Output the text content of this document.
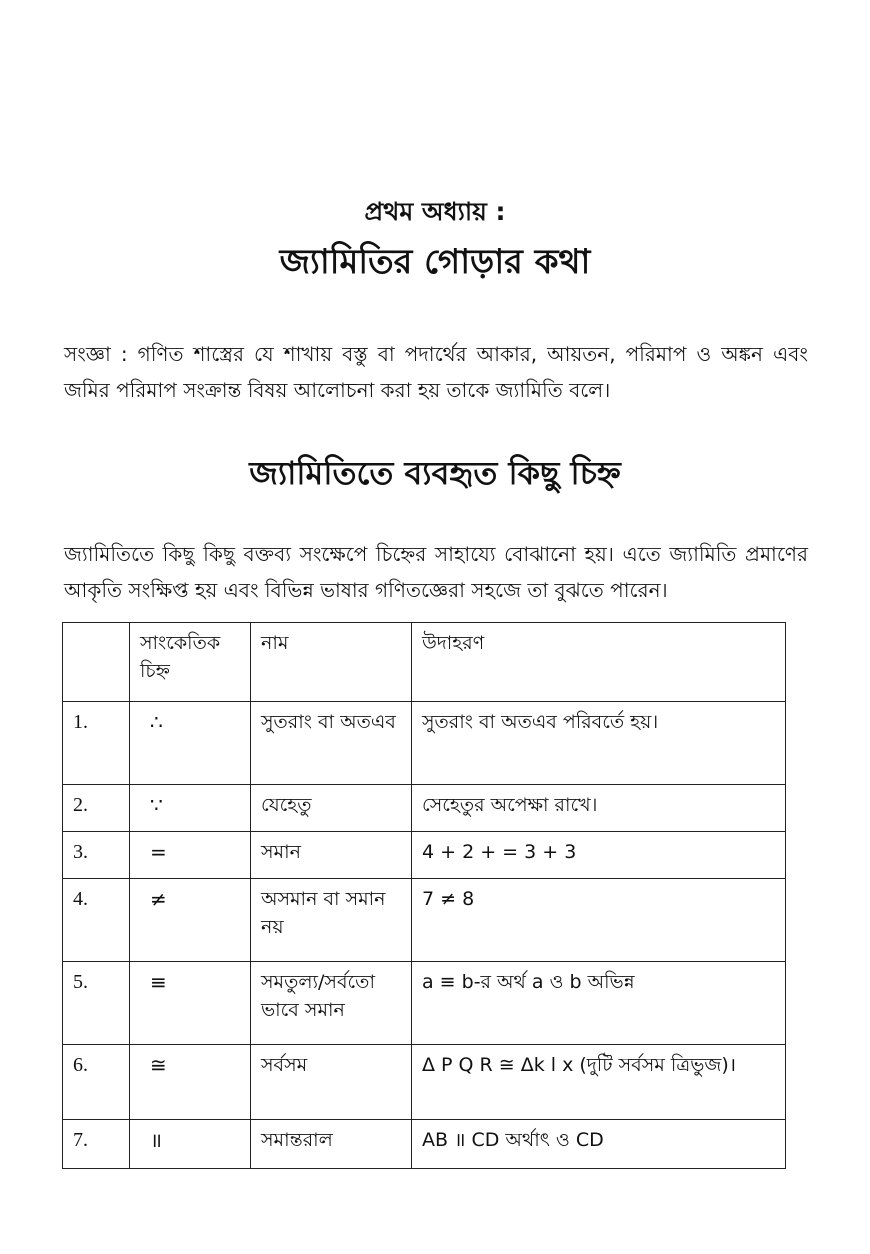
প্রথম অধ্যায় :
জ্যামিতির গোড়ার কথা

সংজ্ঞা : গণিত শাস্ত্রের যে শাখায় বস্তু বা পদার্থের আকার, আয়তন, পরিমাপ ও অঙ্কন এবং জমির পরিমাপ সংক্রান্ত বিষয় আলোচনা করা হয় তাকে জ্যামিতি বলে।

জ্যামিতিতে ব্যবহৃত কিছু চিহ্ন

জ্যামিতিতে কিছু কিছু বক্তব্য সংক্ষেপে চিহ্নের সাহায্যে বোঝানো হয়। এতে জ্যামিতি প্রমাণের আকৃতি সংক্ষিপ্ত হয় এবং বিভিন্ন ভাষার গণিতজ্ঞেরা সহজে তা বুঝতে পারেন।

	সাংকেতিক চিহ্ন	নাম	উদাহরণ
1.	∴	সুতরাং বা অতএব	সুতরাং বা অতএব পরিবর্তে হয়।
2.	∵	যেহেতু	সেহেতুর অপেক্ষা রাখে।
3.	=	সমান	4 + 2 + = 3 + 3
4.	≠	অসমান বা সমান নয়	7 ≠ 8
5.	≡	সমতুল্য/সর্বতো ভাবে সমান	a ≡ b-র অর্থ a ও b অভিন্ন
6.	≅	সর্বসম	Δ P Q R ≅ Δk l x (দুটি সর্বসম ত্রিভুজ)।
7.	॥	সমান্তরাল	AB ॥ CD অর্থাৎ ও CD
